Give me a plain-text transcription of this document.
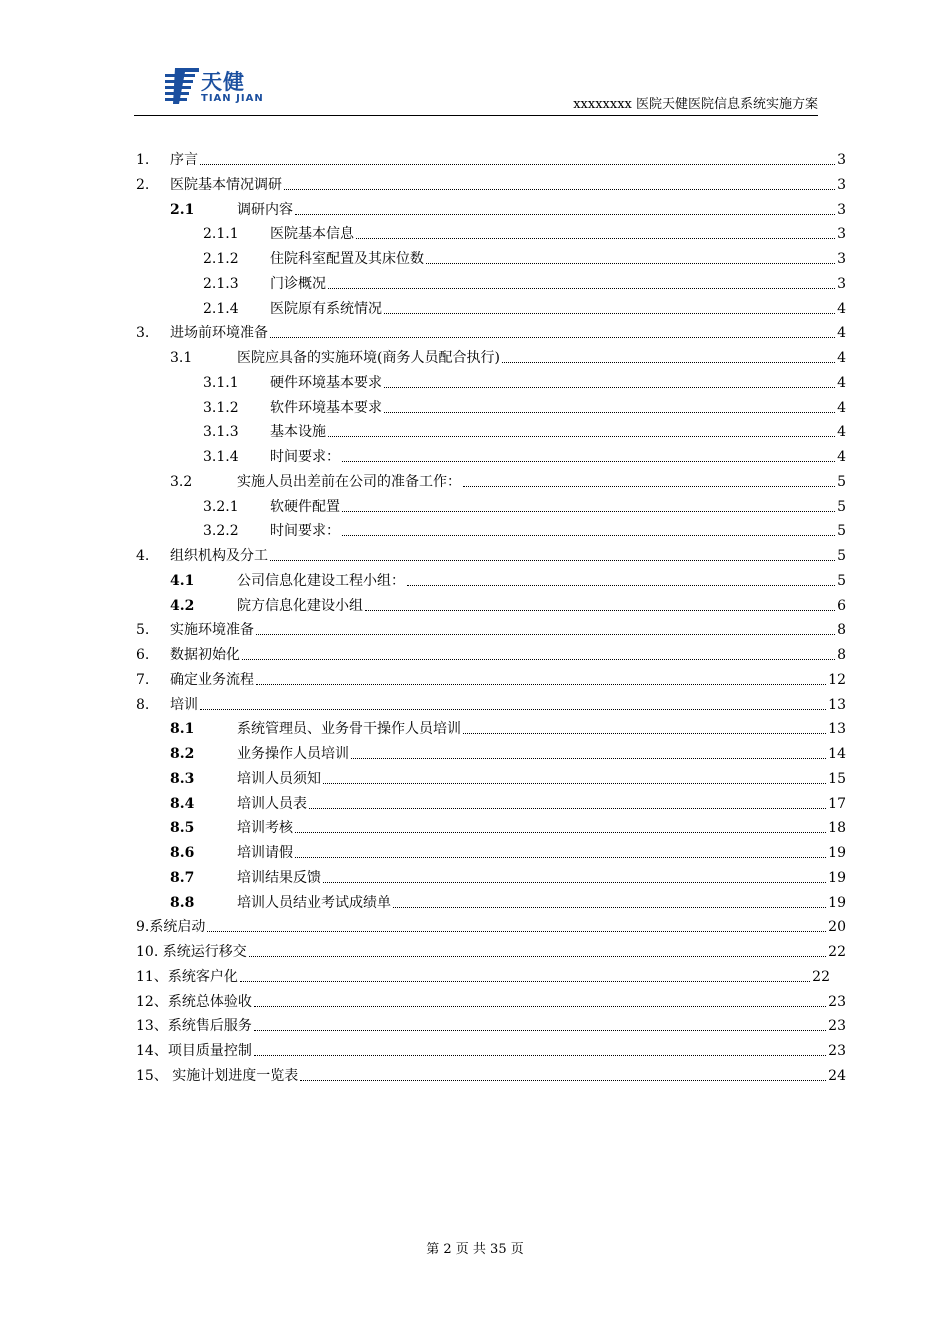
天健
TIAN JIAN	xxxxxxxx 医院天健医院信息系统实施方案
1. 序言	3
2. 医院基本情况调研	3
2.1	调研内容	3
2.1.1 医院基本信息	3
2.1.2 住院科室配置及其床位数	3
2.1.3 门诊概况	3
2.1.4 医院原有系统情况	4
3. 进场前环境准备	4
3.1	医院应具备的实施环境(商务人员配合执行)	4
3.1.1 硬件环境基本要求	4
3.1.2 软件环境基本要求	4
3.1.3 基本设施	4
3.1.4 时间要求：	4
3.2	实施人员出差前在公司的准备工作：	5
3.2.1 软硬件配置	5
3.2.2 时间要求：	5
4. 组织机构及分工	5
4.1	公司信息化建设工程小组：	5
4.2	院方信息化建设小组	6
5. 实施环境准备	8
6. 数据初始化	8
7. 确定业务流程	12
8. 培训	13
8.1	系统管理员、业务骨干操作人员培训	13
8.2	业务操作人员培训	14
8.3	培训人员须知	15
8.4	培训人员表	17
8.5	培训考核	18
8.6	培训请假	19
8.7	培训结果反馈	19
8.8	培训人员结业考试成绩单	19
9.系统启动	20
10. 系统运行移交	22
11、系统客户化	22
12、系统总体验收	23
13、系统售后服务	23
14、项目质量控制	23
15、 实施计划进度一览表	24
第 2 页 共 35 页
